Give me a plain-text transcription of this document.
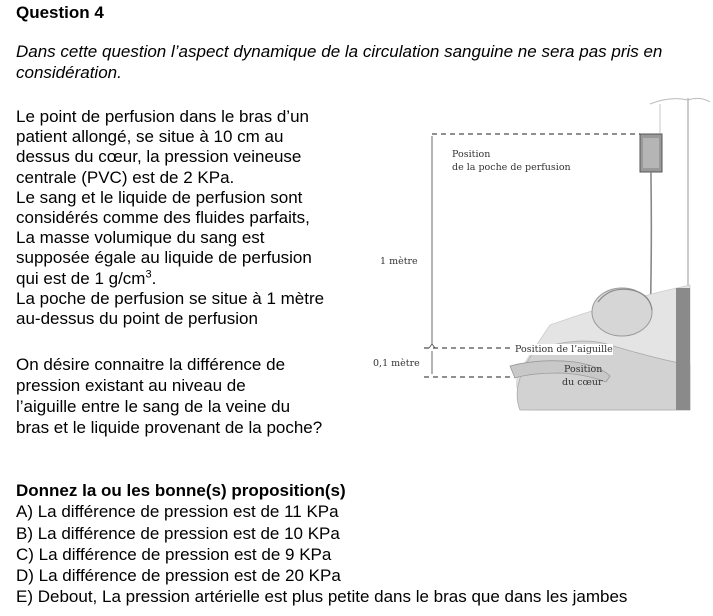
Question 4
Dans cette question l’aspect dynamique de la circulation sanguine ne sera pas pris en considération.
Le point de perfusion dans le bras d’un
patient allongé, se situe à 10 cm au
dessus du cœur, la pression veineuse
centrale (PVC) est de 2 KPa.
Le sang et le liquide de perfusion sont
considérés comme des fluides parfaits,
La masse volumique du sang est
supposée égale au liquide de perfusion
qui est de 1 $g/cm^3$.
La poche de perfusion se situe à 1 mètre
au-dessus du point de perfusion
On désire connaitre la différence de
pression existant au niveau de
l’aiguille entre le sang de la veine du
bras et le liquide provenant de la poche?
Position
de la poche de perfusion
1 mètre
0,1 mètre
Position de l’aiguille
Position
du cœur
Donnez la ou les bonne(s) proposition(s)
A) La différence de pression est de 11 KPa
B) La différence de pression est de 10 KPa
C) La différence de pression est de 9 KPa
D) La différence de pression est de 20 KPa
E) Debout, La pression artérielle est plus petite dans le bras que dans les jambes
